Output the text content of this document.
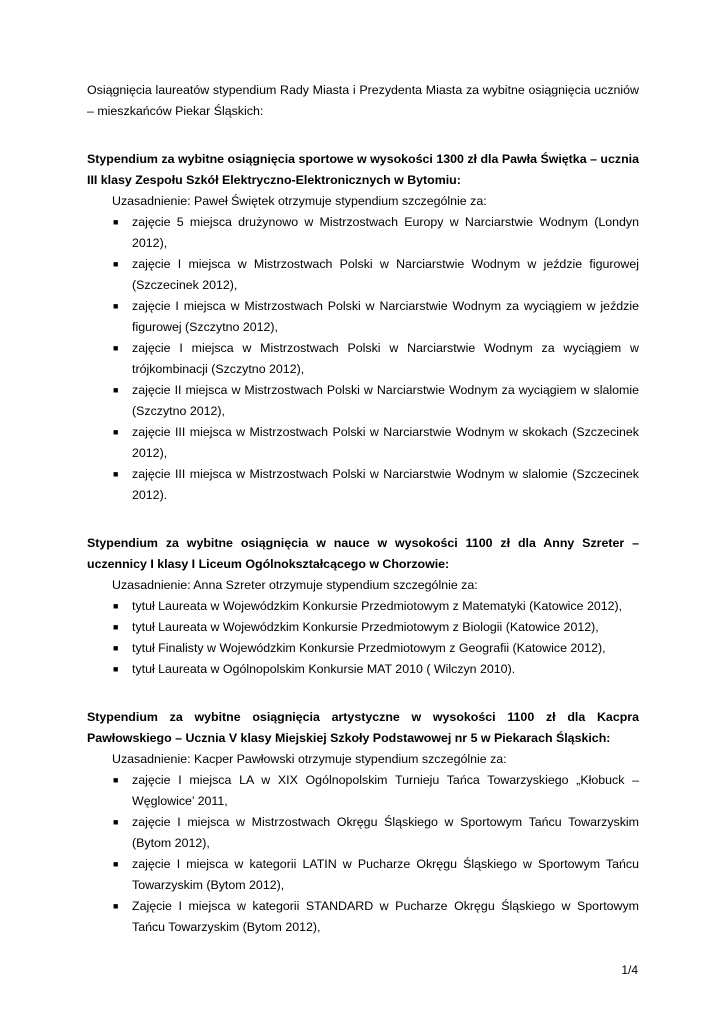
Osiągnięcia laureatów stypendium Rady Miasta i Prezydenta Miasta za wybitne osiągnięcia uczniów – mieszkańców Piekar Śląskich:

Stypendium za wybitne osiągnięcia sportowe w wysokości 1300 zł dla Pawła Świętka – ucznia III klasy Zespołu Szkół Elektryczno-Elektronicznych w Bytomiu:

Uzasadnienie: Paweł Świętek otrzymuje stypendium szczególnie za:

■ zajęcie 5 miejsca drużynowo w Mistrzostwach Europy w Narciarstwie Wodnym (Londyn 2012),
■ zajęcie I miejsca w Mistrzostwach Polski w Narciarstwie Wodnym w jeździe figurowej (Szczecinek 2012),
■ zajęcie I miejsca w Mistrzostwach Polski w Narciarstwie Wodnym za wyciągiem w jeździe figurowej (Szczytno 2012),
■ zajęcie I miejsca w Mistrzostwach Polski w Narciarstwie Wodnym za wyciągiem w trójkombinacji (Szczytno 2012),
■ zajęcie II miejsca w Mistrzostwach Polski w Narciarstwie Wodnym za wyciągiem w slalomie (Szczytno 2012),
■ zajęcie III miejsca w Mistrzostwach Polski w Narciarstwie Wodnym w skokach (Szczecinek 2012),
■ zajęcie III miejsca w Mistrzostwach Polski w Narciarstwie Wodnym w slalomie (Szczecinek 2012).

Stypendium za wybitne osiągnięcia w nauce w wysokości 1100 zł dla Anny Szreter –uczennicy I klasy I Liceum Ogólnokształcącego w Chorzowie:

Uzasadnienie: Anna Szreter otrzymuje stypendium szczególnie za:

■ tytuł Laureata w Wojewódzkim Konkursie Przedmiotowym z Matematyki (Katowice 2012),
■ tytuł Laureata w Wojewódzkim Konkursie Przedmiotowym z Biologii (Katowice 2012),
■ tytuł Finalisty w Wojewódzkim Konkursie Przedmiotowym z Geografii (Katowice 2012),
■ tytuł Laureata w Ogólnopolskim Konkursie MAT 2010 ( Wilczyn 2010).

Stypendium za wybitne osiągnięcia artystyczne w wysokości 1100 zł dla Kacpra Pawłowskiego – Ucznia V klasy Miejskiej Szkoły Podstawowej nr 5 w Piekarach Śląskich:

Uzasadnienie: Kacper Pawłowski otrzymuje stypendium szczególnie za:

■ zajęcie I miejsca LA w XIX Ogólnopolskim Turnieju Tańca Towarzyskiego „Kłobuck – Węglowice’ 2011,
■ zajęcie I miejsca w Mistrzostwach Okręgu Śląskiego w Sportowym Tańcu Towarzyskim (Bytom 2012),
■ zajęcie I miejsca w kategorii LATIN w Pucharze Okręgu Śląskiego w Sportowym Tańcu Towarzyskim (Bytom 2012),
■ Zajęcie I miejsca w kategorii STANDARD w Pucharze Okręgu Śląskiego w Sportowym Tańcu Towarzyskim (Bytom 2012),
1/4
